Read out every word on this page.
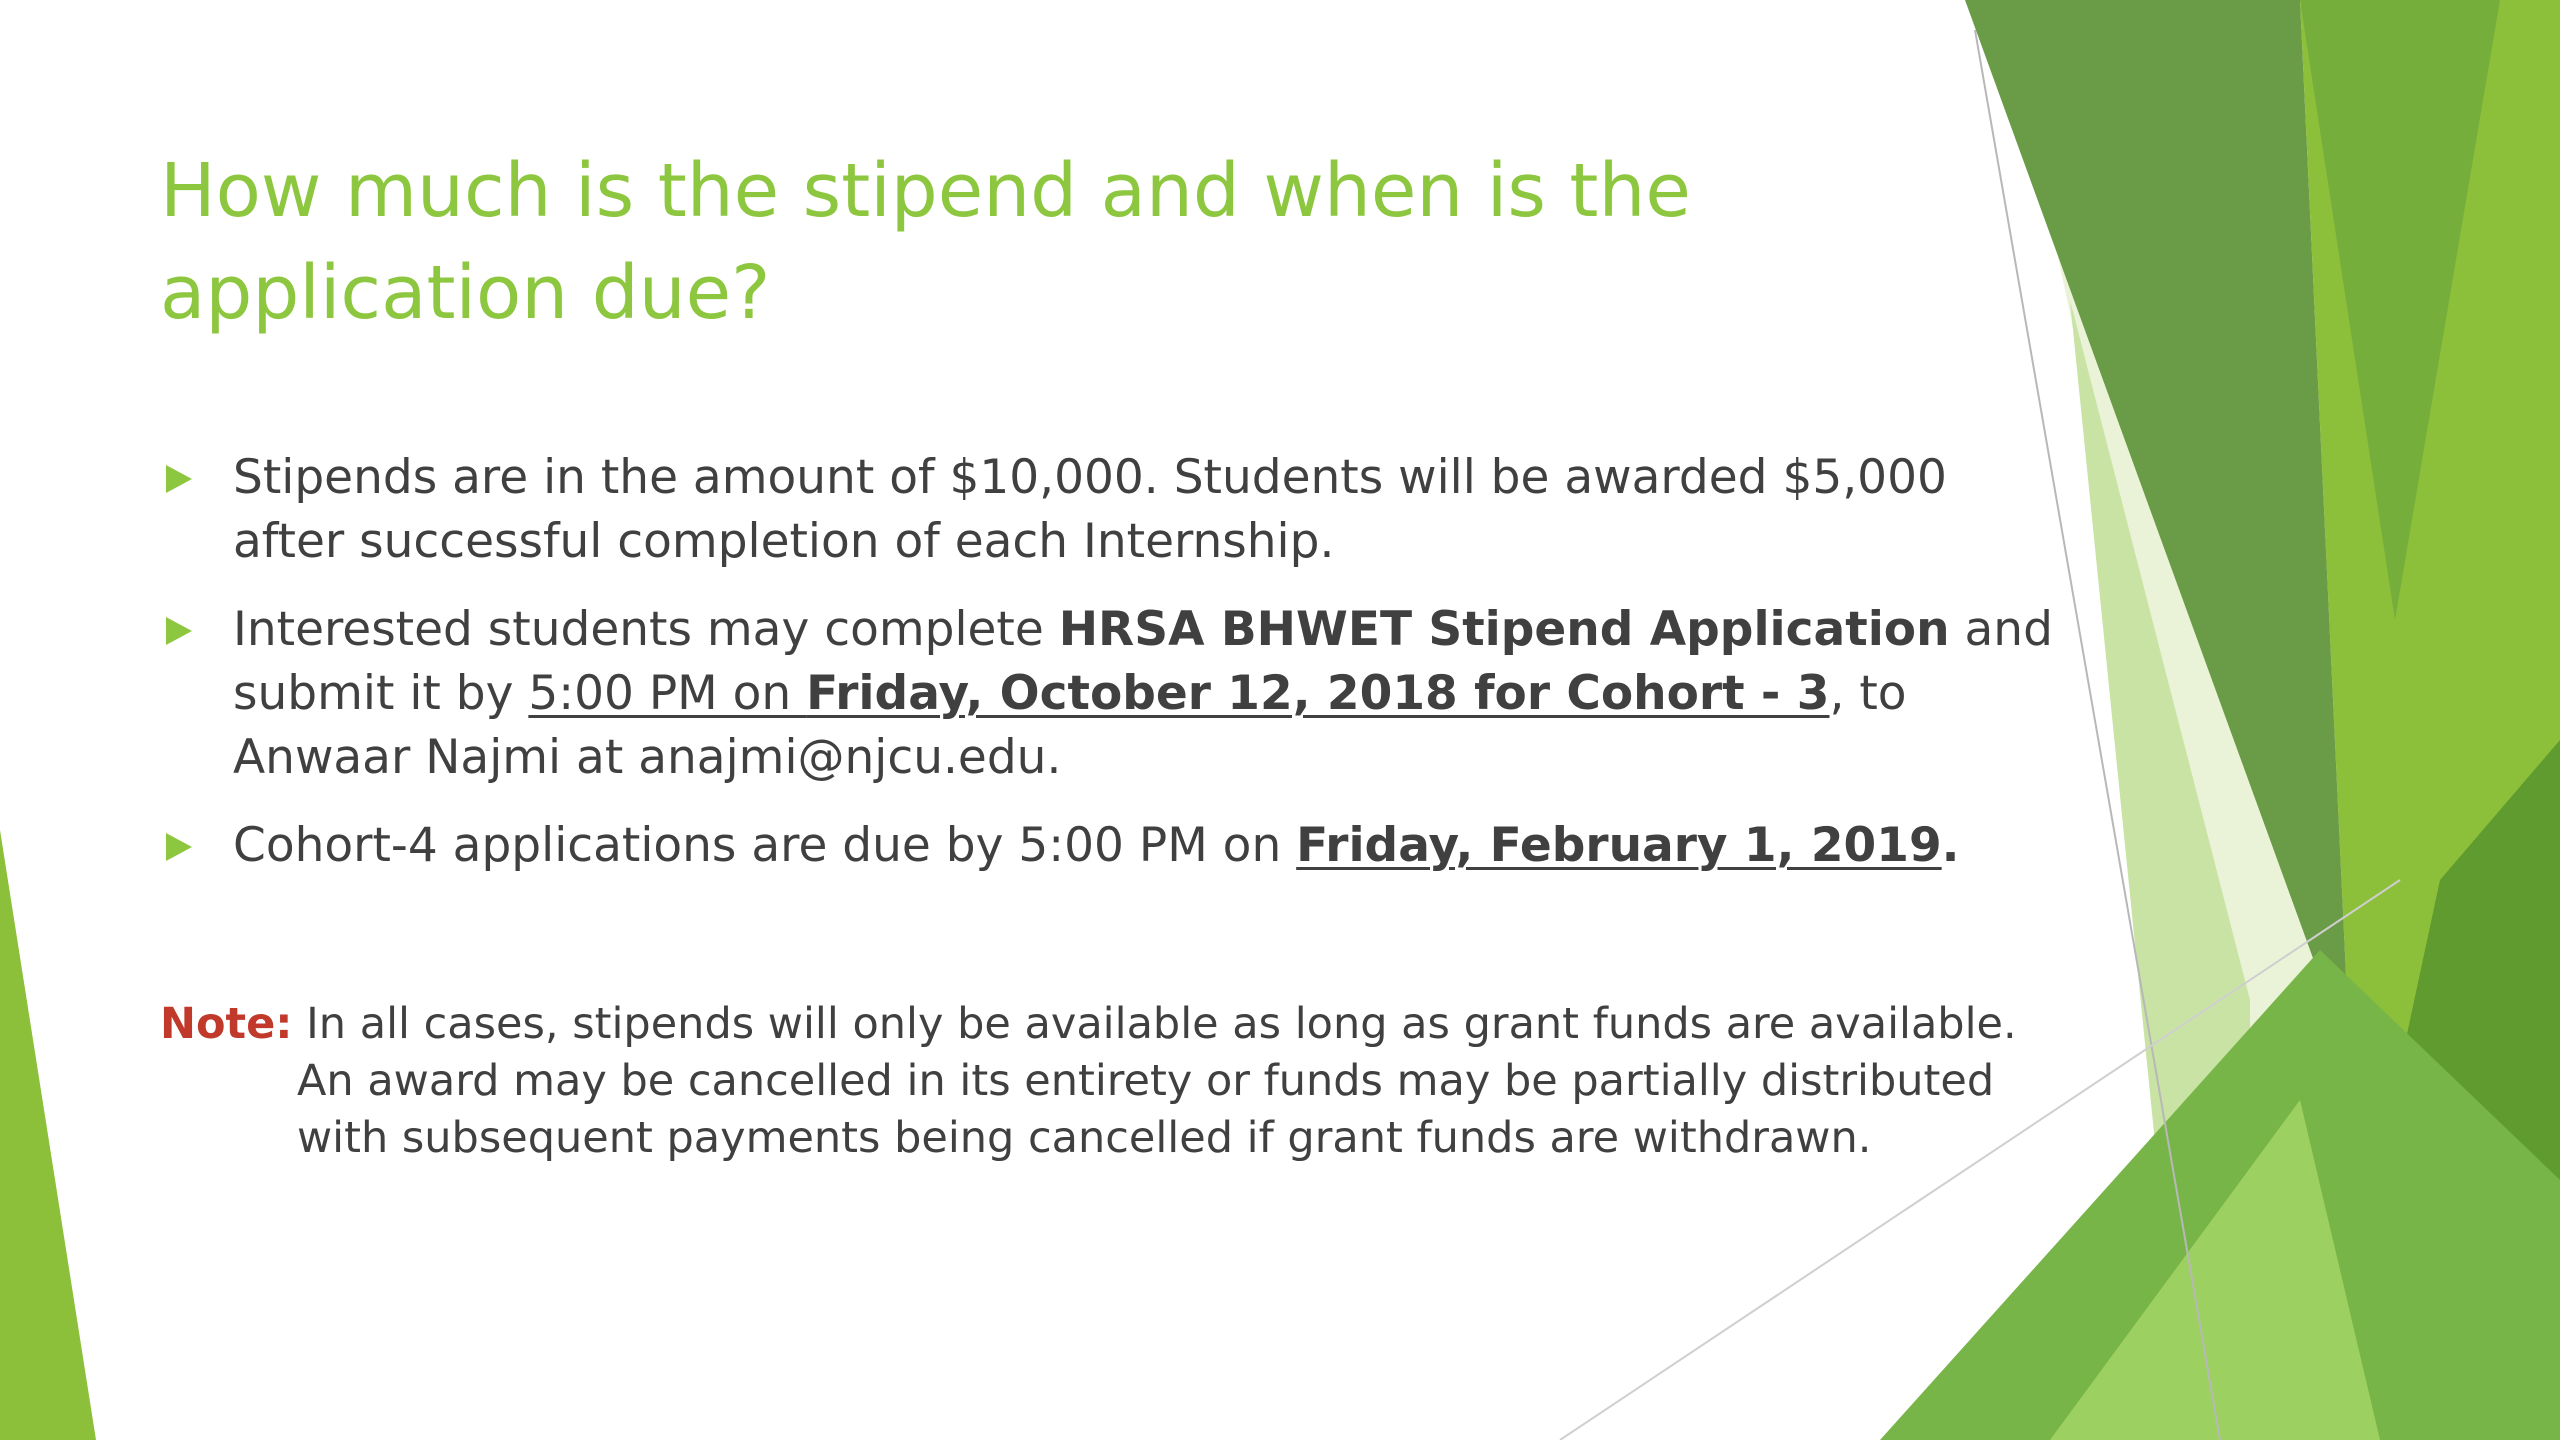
How much is the stipend and when is the
application due?
Stipends are in the amount of $10,000. Students will be awarded $5,000
after successful completion of each Internship.
Interested students may complete HRSA BHWET Stipend Application and
submit it by 5:00 PM on Friday, October 12, 2018 for Cohort - 3, to
Anwaar Najmi at anajmi@njcu.edu.
Cohort-4 applications are due by 5:00 PM on Friday, February 1, 2019.
Note: In all cases, stipends will only be available as long as grant funds are available.
An award may be cancelled in its entirety or funds may be partially distributed
with subsequent payments being cancelled if grant funds are withdrawn.
